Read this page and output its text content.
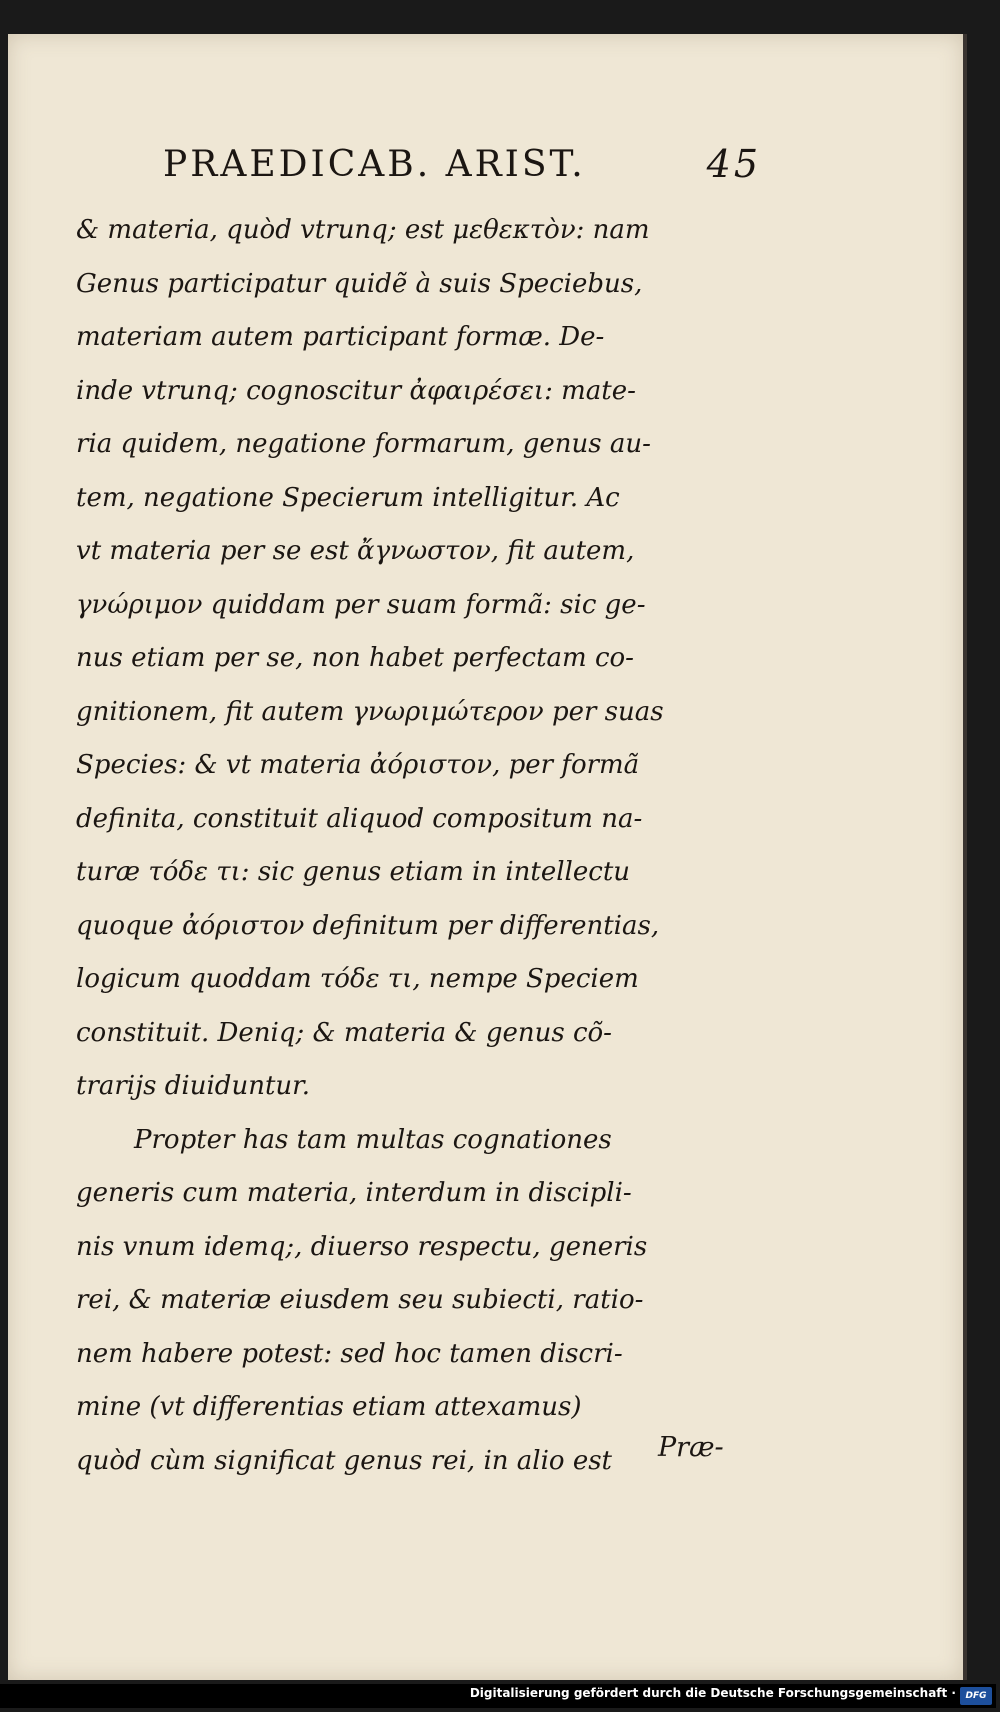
PRAEDICAB. ARIST.	45
& materia, quòd vtrunq; est μεθεκτὸν: nam
Genus participatur quidẽ à suis Speciebus,
materiam autem participant formæ. De-
inde vtrunq; cognoscitur ἀφαιρέσει: mate-
ria quidem, negatione formarum, genus au-
tem, negatione Specierum intelligitur. Ac
vt materia per se est ἄγνωστον, fit autem,
γνώριμον quiddam per suam formã: sic ge-
nus etiam per se, non habet perfectam co-
gnitionem, fit autem γνωριμώτερον per suas
Species: & vt materia ἀόριστον, per formã
definita, constituit aliquod compositum na-
turæ τόδε τι: sic genus etiam in intellectu
quoque ἀόριστον definitum per differentias,
logicum quoddam τόδε τι, nempe Speciem
constituit. Deniq; & materia & genus cõ-
trarijs diuiduntur.
Propter has tam multas cognationes
generis cum materia, interdum in discipli-
nis vnum idemq;, diuerso respectu, generis
rei, & materiæ eiusdem seu subiecti, ratio-
nem habere potest: sed hoc tamen discri-
mine (vt differentias etiam attexamus)
quòd cùm significat genus rei, in alio est	Præ-
Digitalisierung gefördert durch die Deutsche Forschungsgemeinschaft · DFG
